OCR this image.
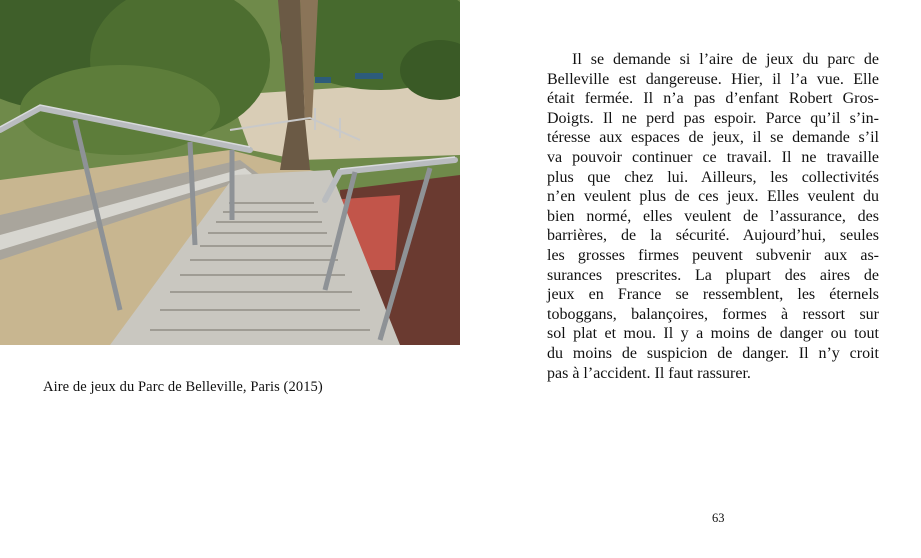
Aire de jeux du Parc de Belleville, Paris (2015)
Il se demande si l’aire de jeux du parc de
Belleville est dangereuse. Hier, il l’a vue. Elle
était fermée. Il n’a pas d’enfant Robert Gros-
Doigts. Il ne perd pas espoir. Parce qu’il s’in-
téresse aux espaces de jeux, il se demande s’il
va pouvoir continuer ce travail. Il ne travaille
plus que chez lui. Ailleurs, les collectivités
n’en veulent plus de ces jeux. Elles veulent du
bien normé, elles veulent de l’assurance, des
barrières, de la sécurité. Aujourd’hui, seules
les grosses firmes peuvent subvenir aux as-
surances prescrites. La plupart des aires de
jeux en France se ressemblent, les éternels
toboggans, balançoires, formes à ressort sur
sol plat et mou. Il y a moins de danger ou tout
du moins de suspicion de danger. Il n’y croit
pas à l’accident. Il faut rassurer.
63
